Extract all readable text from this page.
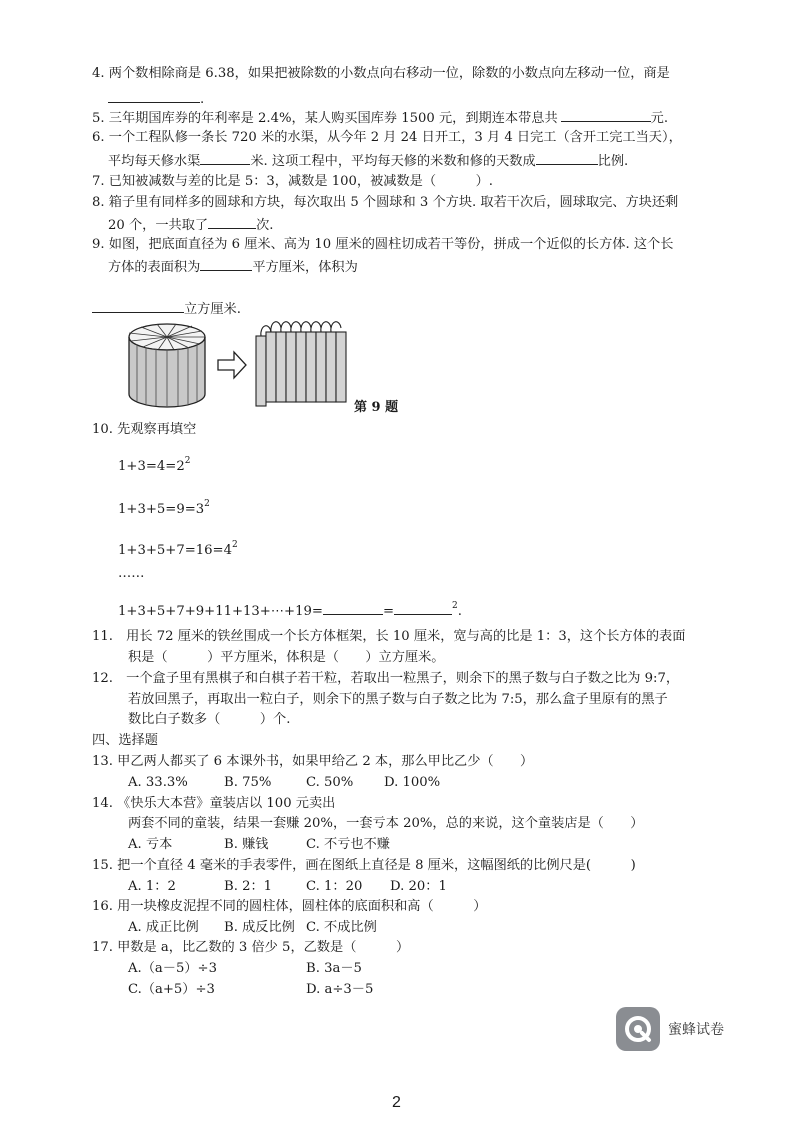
4. 两个数相除商是 6.38，如果把被除数的小数点向右移动一位，除数的小数点向左移动一位，商是
.
5. 三年期国库券的年利率是 2.4%，某人购买国库券 1500 元，到期连本带息共	元.
6. 一个工程队修一条长 720 米的水渠，从今年 2 月 24 日开工，3 月 4 日完工（含开工完工当天），
平均每天修水渠	米. 这项工程中，平均每天修的米数和修的天数成	比例.
7. 已知被减数与差的比是 5：3，减数是 100，被减数是（　　　）.
8. 箱子里有同样多的圆球和方块，每次取出 5 个圆球和 3 个方块. 取若干次后，圆球取完、方块还剩
20 个，一共取了	次.
9. 如图，把底面直径为 6 厘米、高为 10 厘米的圆柱切成若干等份，拼成一个近似的长方体. 这个长
方体的表面积为	平方厘米，体积为
立方厘米.
第 9 题
10. 先观察再填空
$1+3=4=2^2$
$1+3+5=9=3^2$
$1+3+5+7=16=4^2$
……
1+3+5+7+9+11+13+⋯+19=	=	$^2$.
11.　用长 72 厘米的铁丝围成一个长方体框架，长 10 厘米，宽与高的比是 1：3，这个长方体的表面
积是（　　　）平方厘米，体积是（　　）立方厘米。
12.　一个盒子里有黑棋子和白棋子若干粒，若取出一粒黑子，则余下的黑子数与白子数之比为 9:7，
若放回黑子，再取出一粒白子，则余下的黑子数与白子数之比为 7:5，那么盒子里原有的黑子
数比白子数多（　　　）个.
四、选择题
13. 甲乙两人都买了 6 本课外书，如果甲给乙 2 本，那么甲比乙少（　　）
A. 33.3%	B. 75%	C. 50% D. 100%
14. 《快乐大本营》童装店以 100 元卖出
两套不同的童装，结果一套赚 20%，一套亏本 20%，总的来说，这个童装店是（　　）
A. 亏本	B. 赚钱	C. 不亏也不赚
15. 把一个直径 4 毫米的手表零件，画在图纸上直径是 8 厘米，这幅图纸的比例尺是(　　　)
A. 1：2	B. 2：1	C. 1：20 D. 20：1
16. 用一块橡皮泥捏不同的圆柱体，圆柱体的底面积和高（　　　）
A. 成正比例 B. 成反比例 C. 不成比例
17. 甲数是 a，比乙数的 3 倍少 5，乙数是（　　　）
A.（a－5）÷3	B. 3a－5
C.（a+5）÷3	D. a÷3－5
蜜蜂试卷
2
